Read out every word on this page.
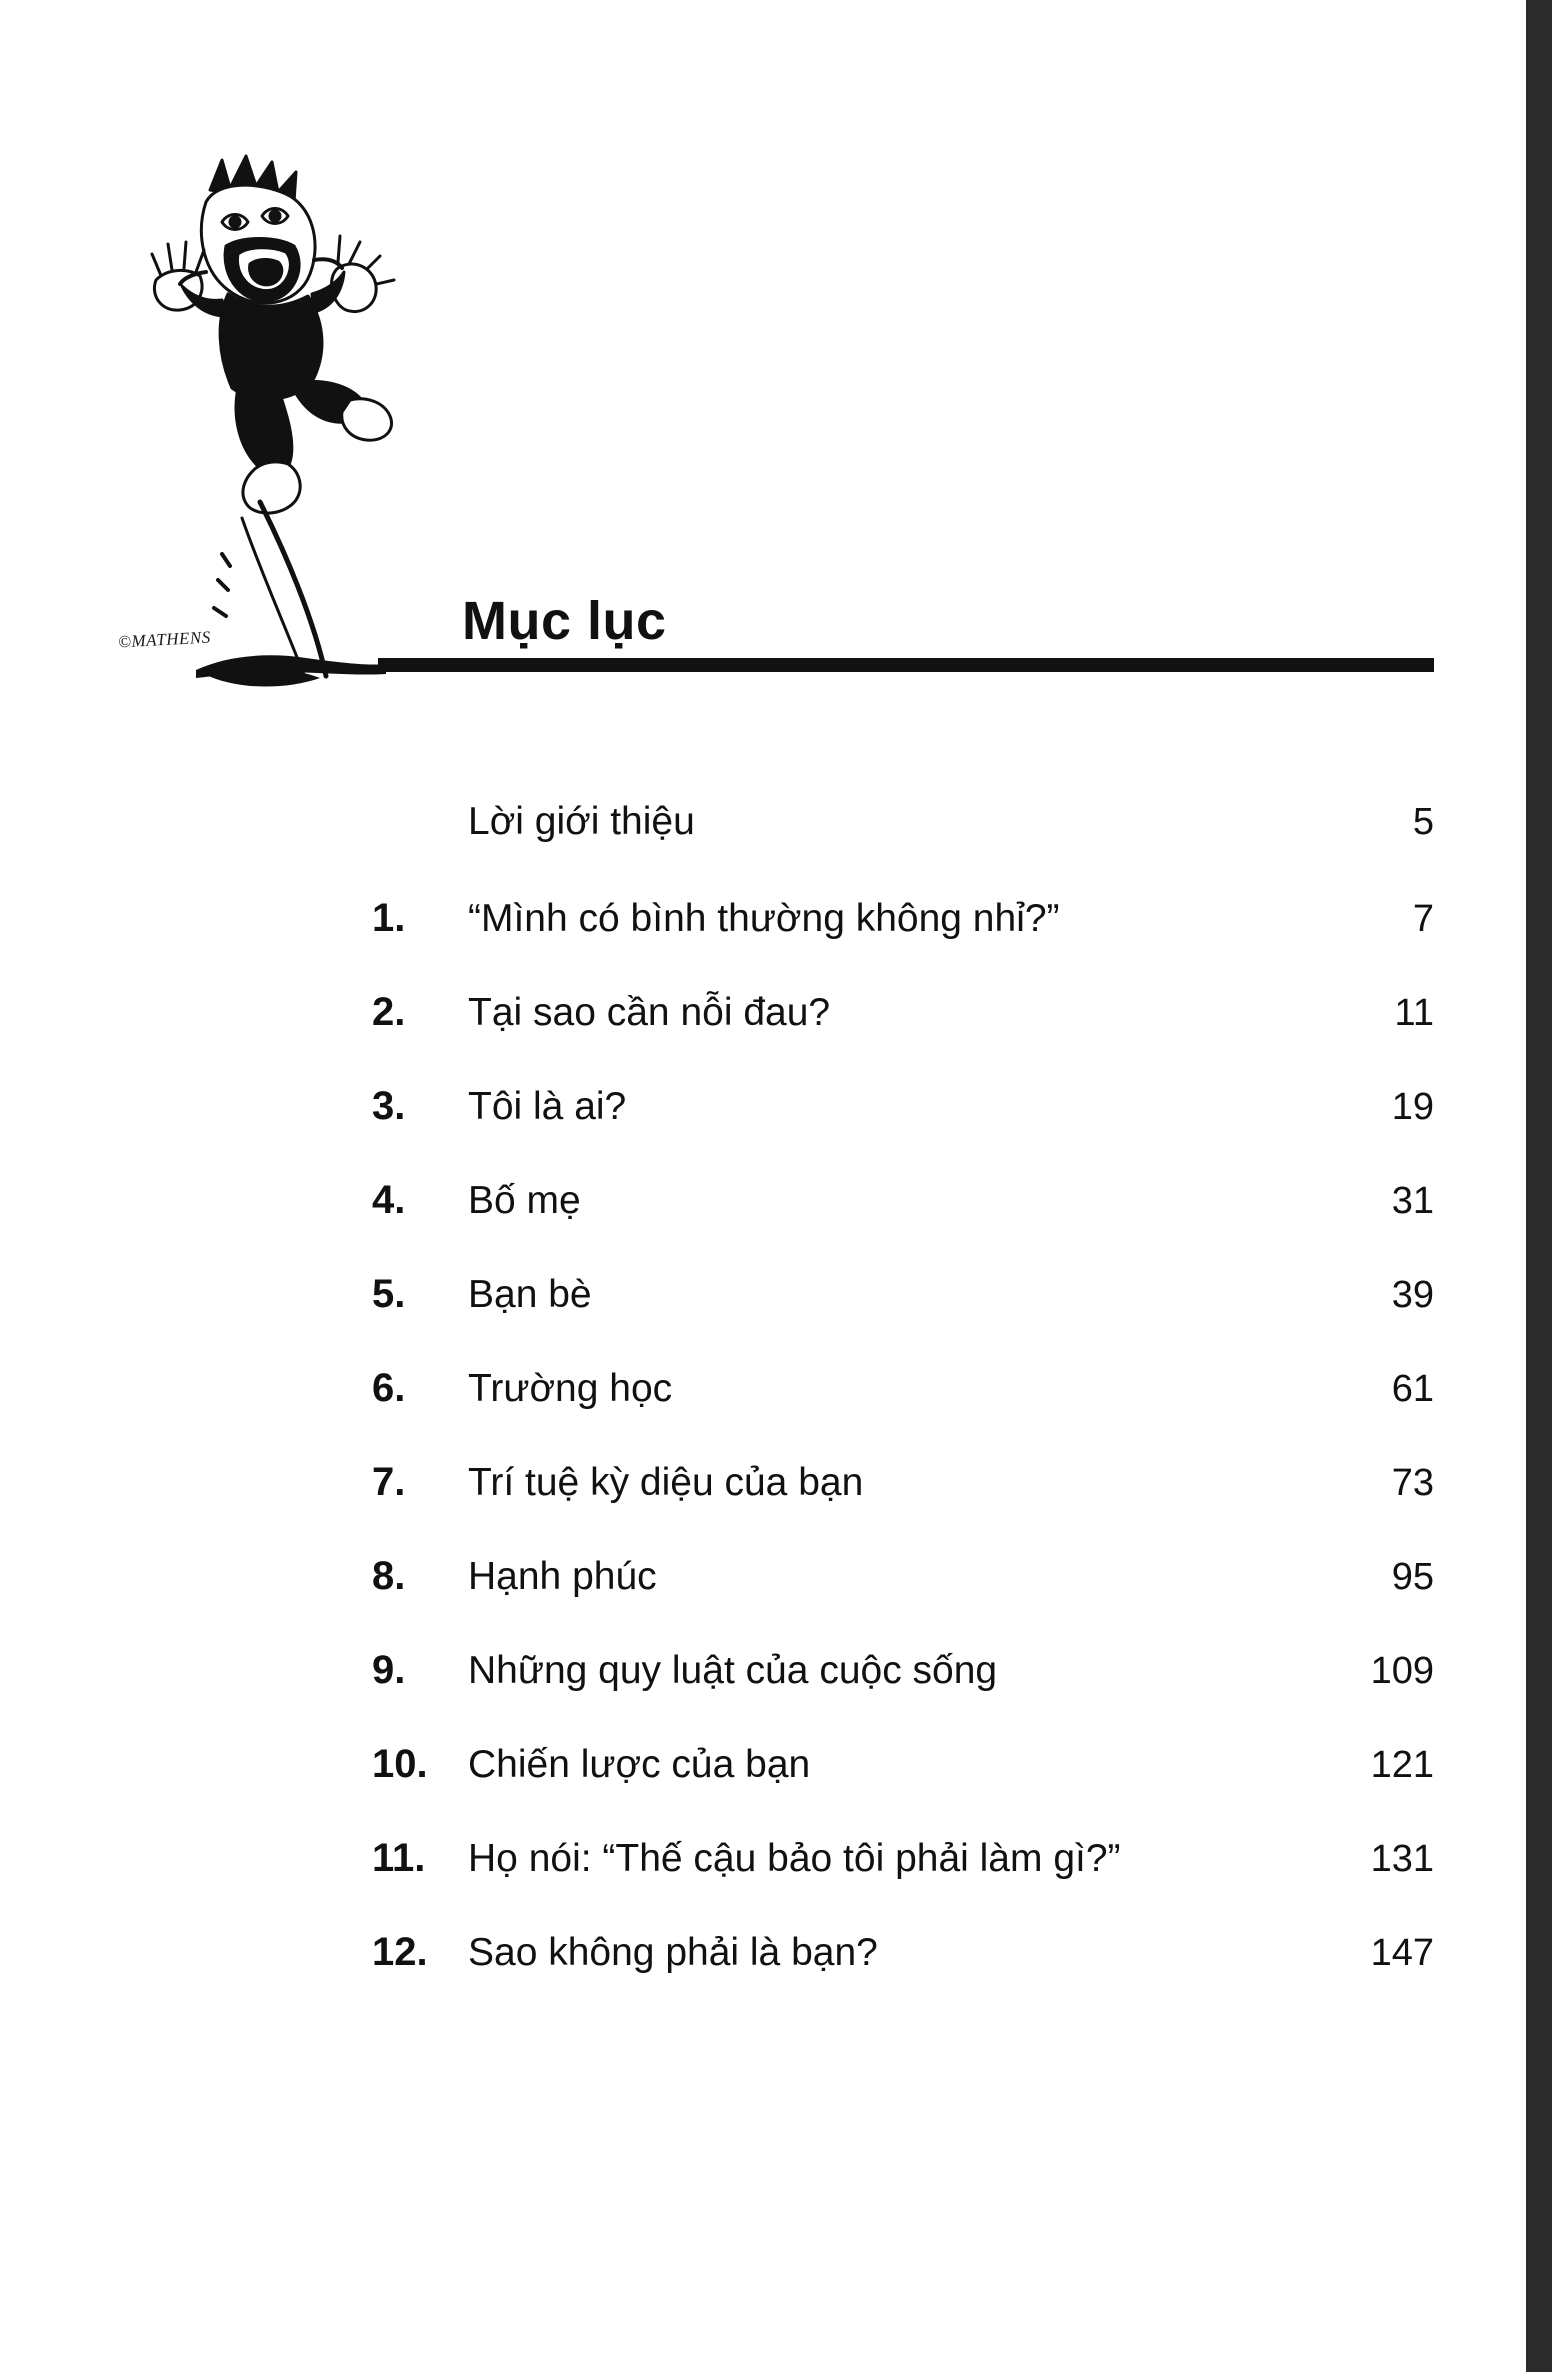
©MATHENS	Mục lục
Lời giới thiệu	5
1.	“Mình có bình thường không nhỉ?”	7
2.	Tại sao cần nỗi đau?	11
3.	Tôi là ai?	19
4.	Bố mẹ	31
5.	Bạn bè	39
6.	Trường học	61
7.	Trí tuệ kỳ diệu của bạn	73
8.	Hạnh phúc	95
9.	Những quy luật của cuộc sống	109
10.	Chiến lược của bạn	121
11.	Họ nói: “Thế cậu bảo tôi phải làm gì?”	131
12.	Sao không phải là bạn?	147
